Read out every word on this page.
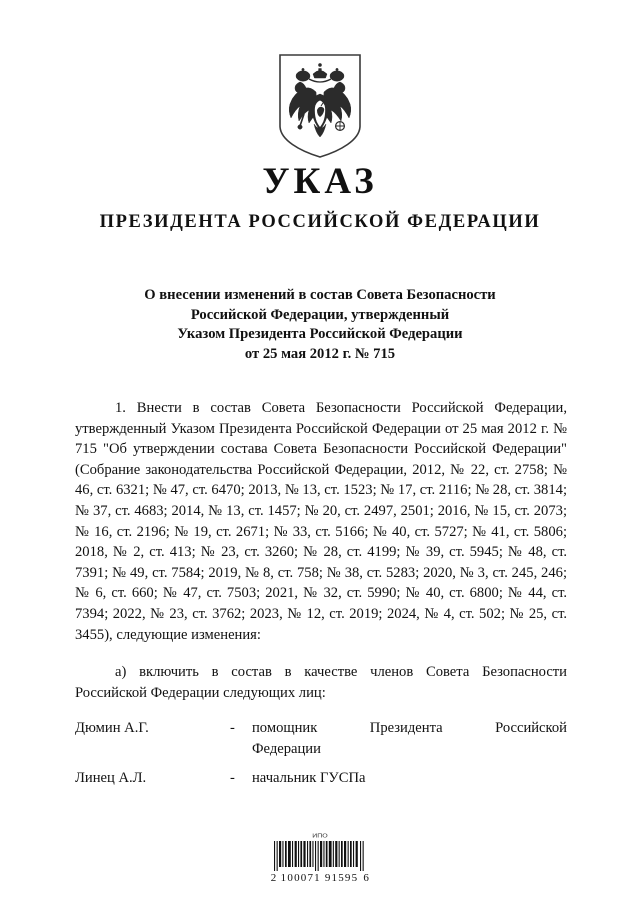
УКАЗ
ПРЕЗИДЕНТА РОССИЙСКОЙ ФЕДЕРАЦИИ
О внесении изменений в состав Совета Безопасности
Российской Федерации, утвержденный
Указом Президента Российской Федерации
от 25 мая 2012 г. № 715

1. Внести в состав Совета Безопасности Российской Федерации, утвержденный Указом Президента Российской Федерации от 25 мая 2012 г. № 715 "Об утверждении состава Совета Безопасности Российской Федерации" (Собрание законодательства Российской Федерации, 2012, № 22, ст. 2758; № 46, ст. 6321; № 47, ст. 6470; 2013, № 13, ст. 1523; № 17, ст. 2116; № 28, ст. 3814; № 37, ст. 4683; 2014, № 13, ст. 1457; № 20, ст. 2497, 2501; 2016, № 15, ст. 2073; № 16, ст. 2196; № 19, ст. 2671; № 33, ст. 5166; № 40, ст. 5727; № 41, ст. 5806; 2018, № 2, ст. 413; № 23, ст. 3260; № 28, ст. 4199; № 39, ст. 5945; № 48, ст. 7391; № 49, ст. 7584; 2019, № 8, ст. 758; № 38, ст. 5283; 2020, № 3, ст. 245, 246; № 6, ст. 660; № 47, ст. 7503; 2021, № 32, ст. 5990; № 40, ст. 6800; № 44, ст. 7394; 2022, № 23, ст. 3762; 2023, № 12, ст. 2019; 2024, № 4, ст. 502; № 25, ст. 3455), следующие изменения:

а) включить в состав в качестве членов Совета Безопасности Российской Федерации следующих лиц:

Дюмин А.Г.	-	помощник Президента Российской
Федерации
Линец А.Л.	-	начальник ГУСПа
ИПО
2 100071 91595 6
